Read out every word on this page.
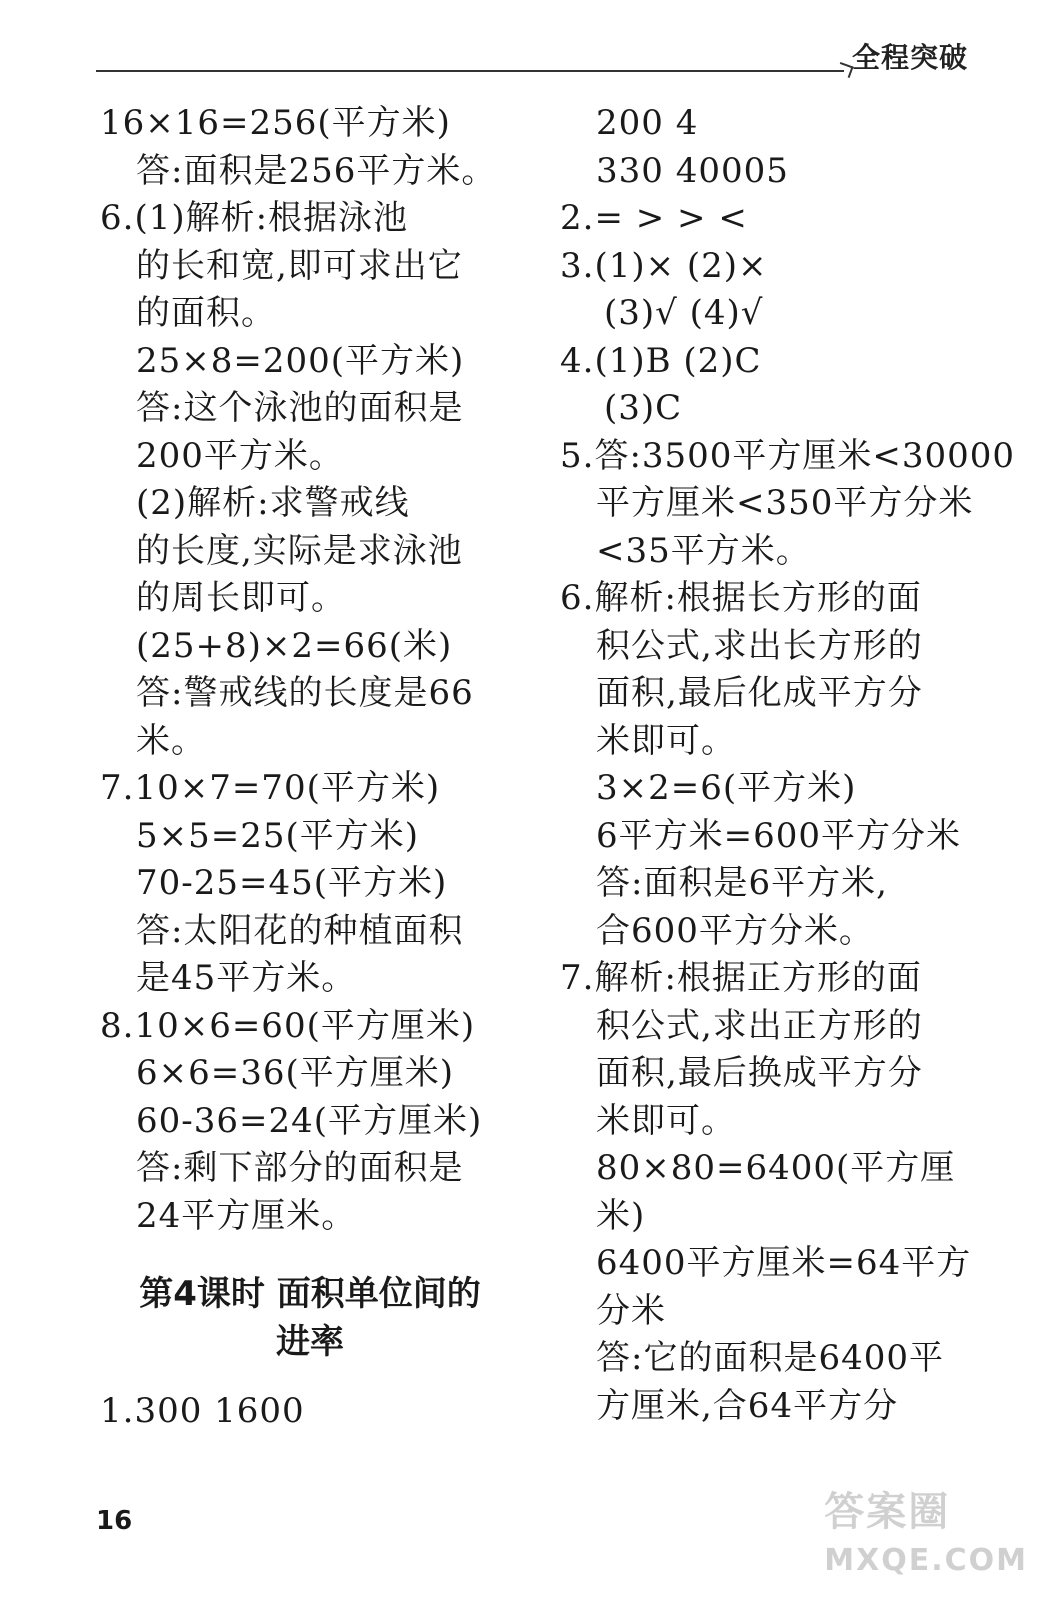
全程突破
16×16=256(平方米)
答:面积是256平方米。
6.(1)解析:根据泳池
的长和宽,即可求出它
的面积。
25×8=200(平方米)
答:这个泳池的面积是
200平方米。
(2)解析:求警戒线
的长度,实际是求泳池
的周长即可。
(25+8)×2=66(米)
答:警戒线的长度是66
米。
7.10×7=70(平方米)
5×5=25(平方米)
70-25=45(平方米)
答:太阳花的种植面积
是45平方米。
8.10×6=60(平方厘米)
6×6=36(平方厘米)
60-36=24(平方厘米)
答:剩下部分的面积是
24平方厘米。
第4课时 面积单位间的
进率
1.300 1600
200 4
330 40005
2.= > > <
3.(1)× (2)×
(3)√ (4)√
4.(1)B (2)C
(3)C
5.答:3500平方厘米<30000
平方厘米<350平方分米
<35平方米。
6.解析:根据长方形的面
积公式,求出长方形的
面积,最后化成平方分
米即可。
3×2=6(平方米)
6平方米=600平方分米
答:面积是6平方米,
合600平方分米。
7.解析:根据正方形的面
积公式,求出正方形的
面积,最后换成平方分
米即可。
80×80=6400(平方厘
米)
6400平方厘米=64平方
分米
答:它的面积是6400平
方厘米,合64平方分
16	答案圈
MXQE.COM
